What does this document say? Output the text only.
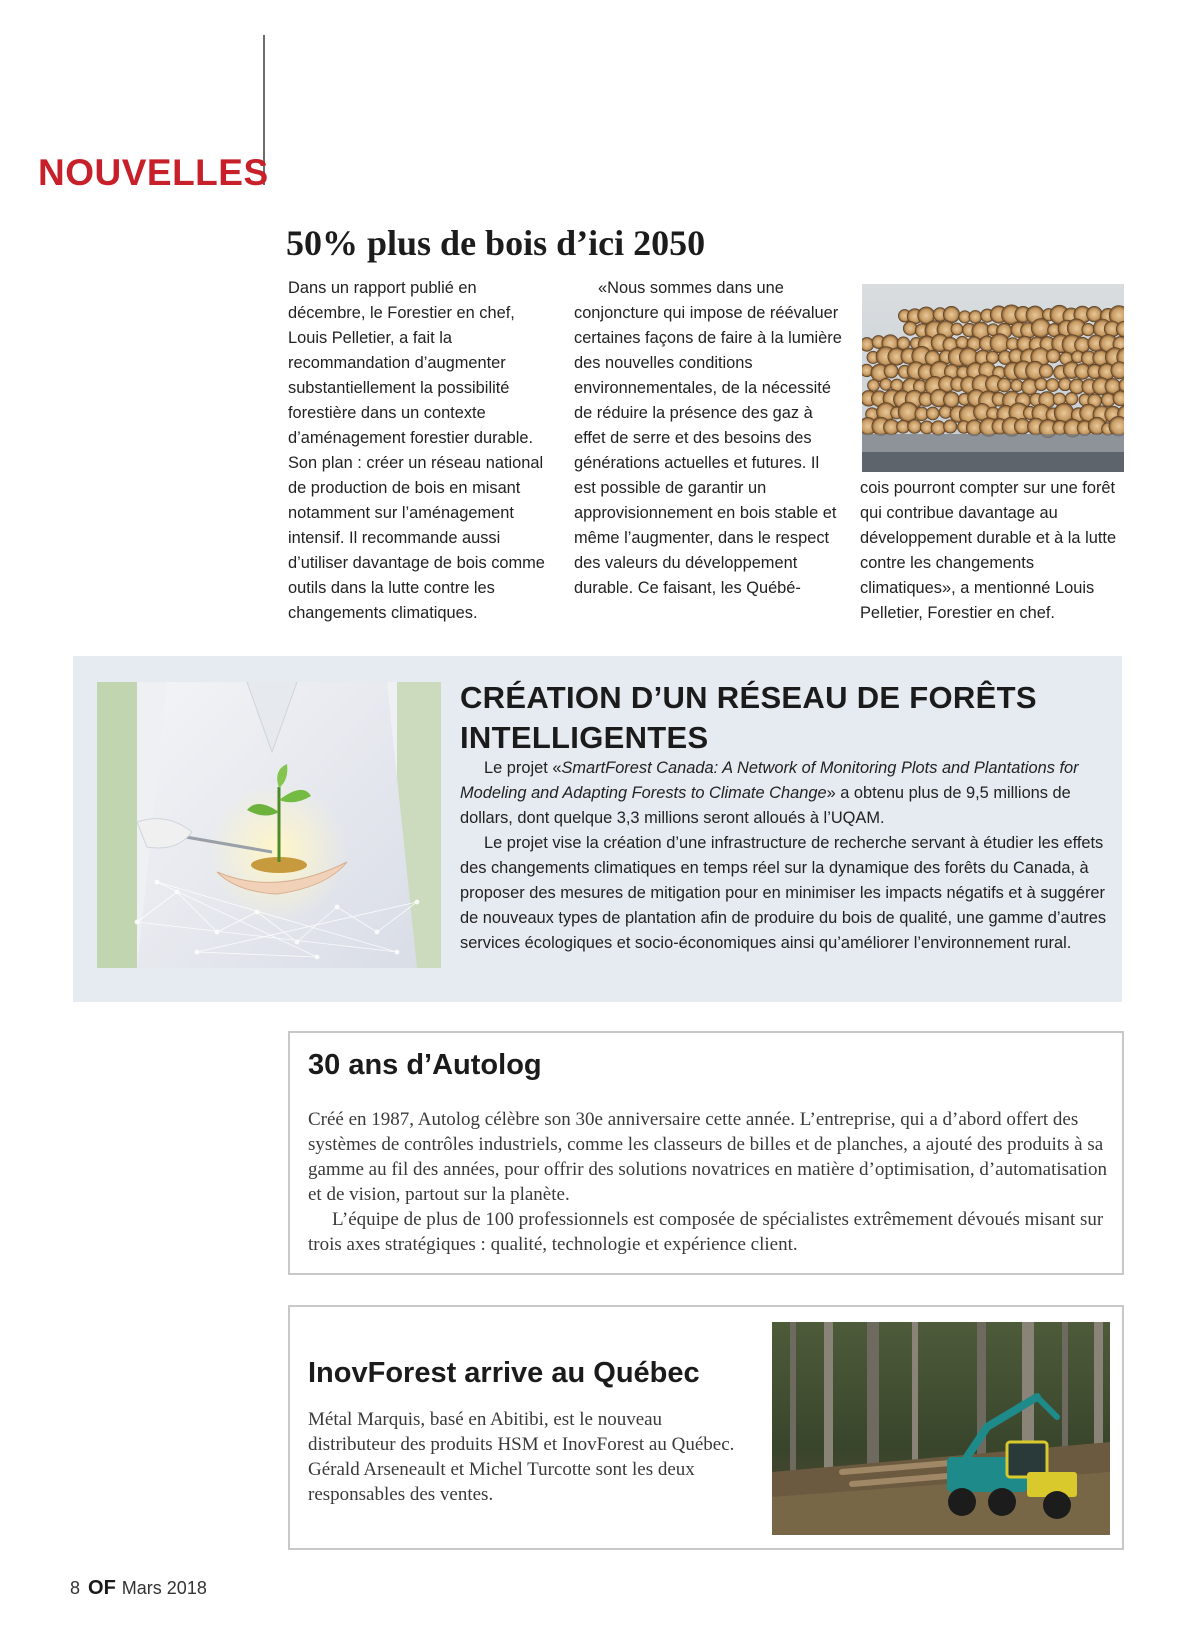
NOUVELLES
50% plus de bois d’ici 2050

Dans un rapport publié en décembre, le Forestier en chef, Louis Pelletier, a fait la recommandation d’augmenter substantiellement la possibilité forestière dans un contexte d’aménagement forestier durable. Son plan : créer un réseau national de production de bois en misant notamment sur l’aménagement intensif. Il recommande aussi d’utiliser davantage de bois comme outils dans la lutte contre les changements climatiques.

«Nous sommes dans une conjoncture qui impose de réévaluer certaines façons de faire à la lumière des nouvelles conditions environnementales, de la nécessité de réduire la présence des gaz à effet de serre et des besoins des générations actuelles et futures. Il est possible de garantir un approvisionnement en bois stable et même l’augmenter, dans le respect des valeurs du développement durable. Ce faisant, les Québé-

cois pourront compter sur une forêt qui contribue davantage au développement durable et à la lutte contre les changements climatiques», a mentionné Louis Pelletier, Forestier en chef.

CRÉATION D’UN RÉSEAU DE FORÊTS INTELLIGENTES

Le projet «SmartForest Canada: A Network of Monitoring Plots and Plantations for Modeling and Adapting Forests to Climate Change» a obtenu plus de 9,5 millions de dollars, dont quelque 3,3 millions seront alloués à l’UQAM.

Le projet vise la création d’une infrastructure de recherche servant à étudier les effets des changements climatiques en temps réel sur la dynamique des forêts du Canada, à proposer des mesures de mitigation pour en minimiser les impacts négatifs et à suggérer de nouveaux types de plantation afin de produire du bois de qualité, une gamme d’autres services écologiques et socio-économiques ainsi qu’améliorer l’environnement rural.

30 ans d’Autolog

Créé en 1987, Autolog célèbre son 30e anniversaire cette année. L’entreprise, qui a d’abord offert des systèmes de contrôles industriels, comme les classeurs de billes et de planches, a ajouté des produits à sa gamme au fil des années, pour offrir des solutions novatrices en matière d’optimisation, d’automatisation et de vision, partout sur la planète.

L’équipe de plus de 100 professionnels est composée de spécialistes extrêmement dévoués misant sur trois axes stratégiques : qualité, technologie et expérience client.

InovForest arrive au Québec

Métal Marquis, basé en Abitibi, est le nouveau distributeur des produits HSM et InovForest au Québec. Gérald Arseneault et Michel Turcotte sont les deux responsables des ventes.

8 OF Mars 2018
